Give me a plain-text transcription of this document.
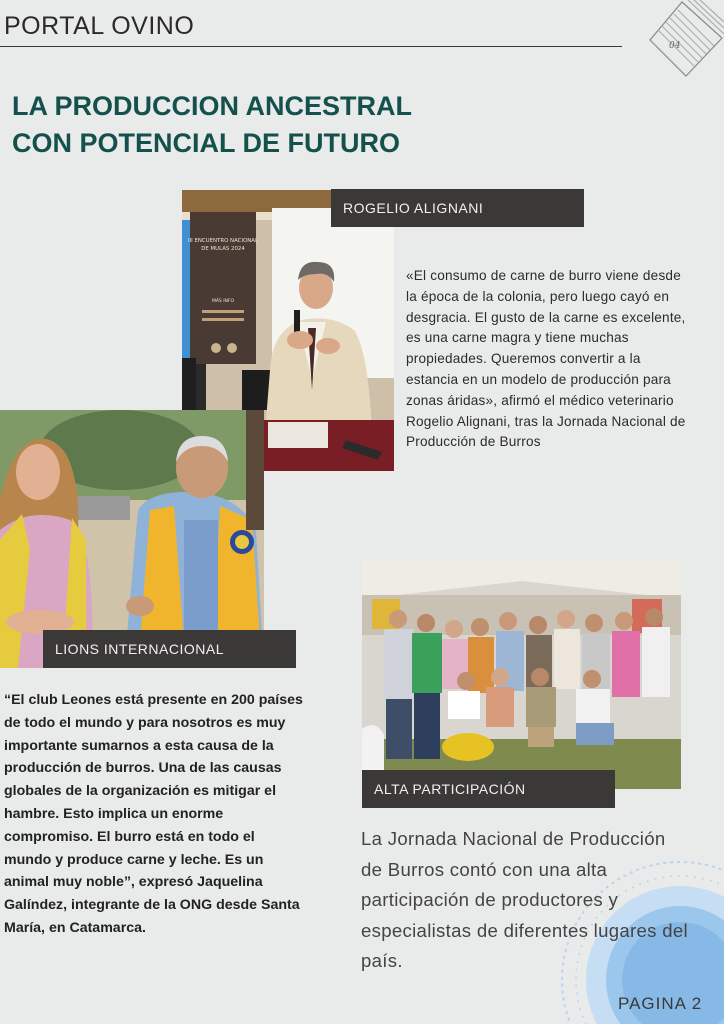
PORTAL OVINO
04
LA PRODUCCION ANCESTRAL
CON POTENCIAL DE FUTURO
III ENCUENTRO NACIONAL
DE MULAS 2024
MÁS INFO
ROGELIO ALIGNANI
«El consumo de carne de burro viene desde la época de la colonia, pero luego cayó en desgracia. El gusto de la carne es excelente, es una carne magra y tiene muchas propiedades. Queremos convertir a la estancia en un modelo de producción para zonas áridas», afirmó el médico veterinario Rogelio Alignani, tras la Jornada Nacional de Producción de Burros
LIONS INTERNACIONAL
“El club Leones está presente en 200 países de todo el mundo y para nosotros es muy importante sumarnos a esta causa de la producción de burros. Una de las causas globales de la organización es mitigar el hambre. Esto implica un enorme compromiso. El burro está en todo el mundo y produce carne y leche. Es un animal muy noble”, expresó Jaquelina Galíndez, integrante de la ONG desde Santa María, en Catamarca.
ALTA PARTICIPACIÓN
La Jornada Nacional de Producción de Burros contó con una alta participación de productores y especialistas de diferentes lugares del país.
PAGINA 2
